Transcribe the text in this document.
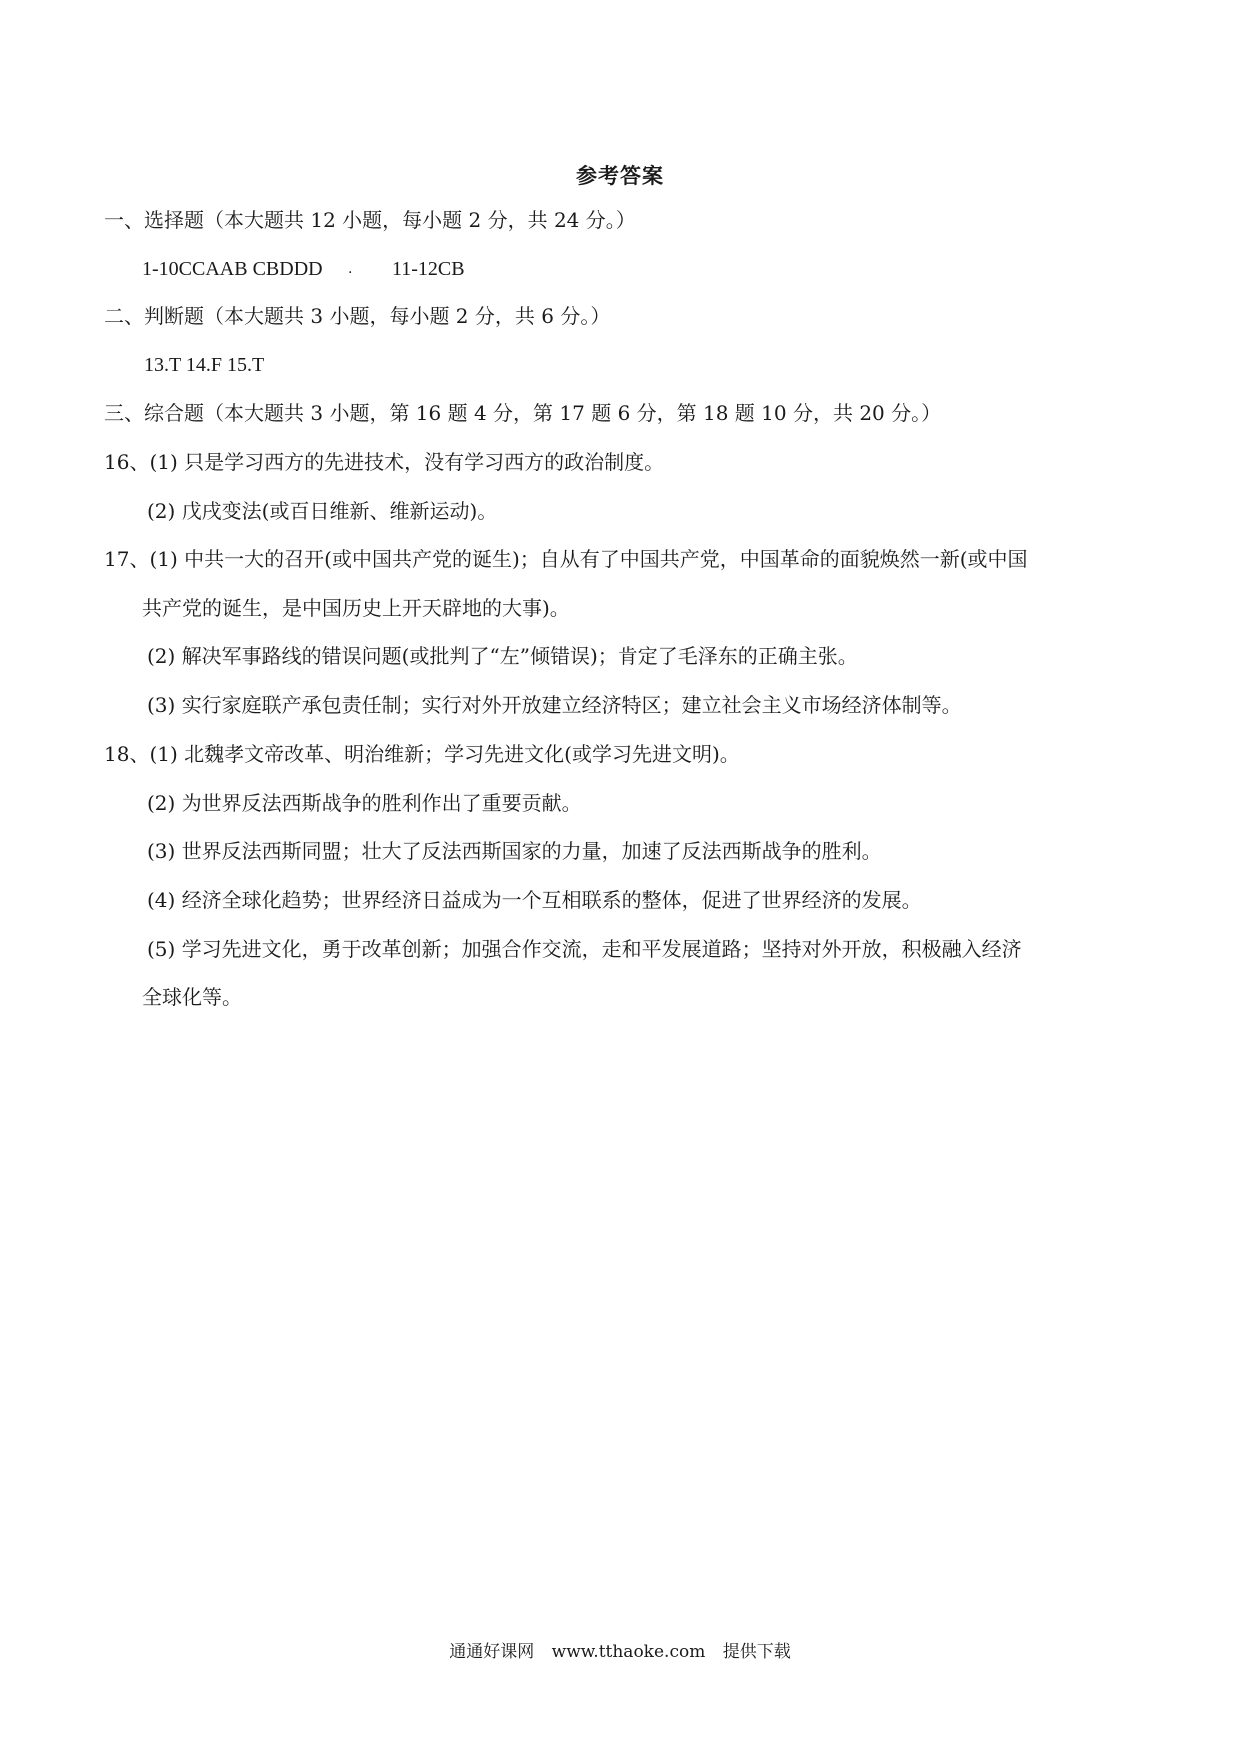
参考答案
一、选择题（本大题共 12 小题，每小题 2 分，共 24 分。）
1-10CCAAB CBDDD . 11-12CB
二、判断题（本大题共 3 小题，每小题 2 分，共 6 分。）
13.T 14.F 15.T
三、综合题（本大题共 3 小题，第 16 题 4 分，第 17 题 6 分，第 18 题 10 分，共 20 分。）
16、(1) 只是学习西方的先进技术，没有学习西方的政治制度。
(2) 戊戌变法(或百日维新、维新运动)。
17、(1) 中共一大的召开(或中国共产党的诞生)；自从有了中国共产党，中国革命的面貌焕然一新(或中国
共产党的诞生，是中国历史上开天辟地的大事)。
(2) 解决军事路线的错误问题(或批判了“左”倾错误)；肯定了毛泽东的正确主张。
(3) 实行家庭联产承包责任制；实行对外开放建立经济特区；建立社会主义市场经济体制等。
18、(1) 北魏孝文帝改革、明治维新；学习先进文化(或学习先进文明)。
(2) 为世界反法西斯战争的胜利作出了重要贡献。
(3) 世界反法西斯同盟；壮大了反法西斯国家的力量，加速了反法西斯战争的胜利。
(4) 经济全球化趋势；世界经济日益成为一个互相联系的整体，促进了世界经济的发展。
(5) 学习先进文化，勇于改革创新；加强合作交流，走和平发展道路；坚持对外开放，积极融入经济
全球化等。
通通好课网 www.tthaoke.com 提供下载
